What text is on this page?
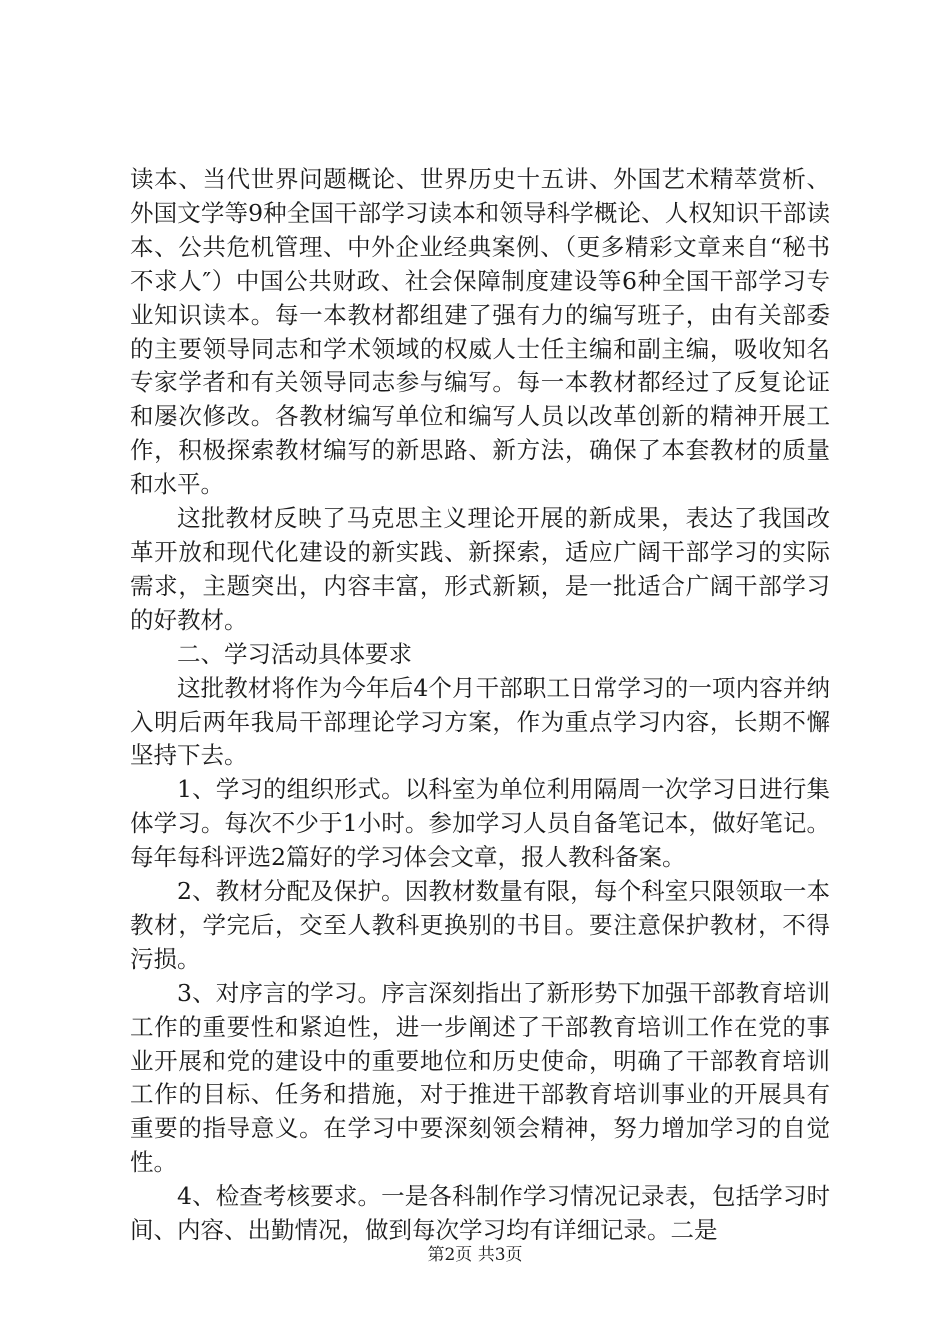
读本、当代世界问题概论、世界历史十五讲、外国艺术精萃赏析、外国文学等9种全国干部学习读本和领导科学概论、人权知识干部读本、公共危机管理、中外企业经典案例、（更多精彩文章来自“秘书不求人″）中国公共财政、社会保障制度建设等6种全国干部学习专业知识读本。每一本教材都组建了强有力的编写班子，由有关部委的主要领导同志和学术领域的权威人士任主编和副主编，吸收知名专家学者和有关领导同志参与编写。每一本教材都经过了反复论证和屡次修改。各教材编写单位和编写人员以改革创新的精神开展工作，积极探索教材编写的新思路、新方法，确保了本套教材的质量和水平。

这批教材反映了马克思主义理论开展的新成果，表达了我国改革开放和现代化建设的新实践、新探索，适应广阔干部学习的实际需求，主题突出，内容丰富，形式新颖，是一批适合广阔干部学习的好教材。

二、学习活动具体要求

这批教材将作为今年后4个月干部职工日常学习的一项内容并纳入明后两年我局干部理论学习方案，作为重点学习内容，长期不懈坚持下去。

1、学习的组织形式。以科室为单位利用隔周一次学习日进行集体学习。每次不少于1小时。参加学习人员自备笔记本，做好笔记。每年每科评选2篇好的学习体会文章，报人教科备案。

2、教材分配及保护。因教材数量有限，每个科室只限领取一本教材，学完后，交至人教科更换别的书目。要注意保护教材，不得污损。

3、对序言的学习。序言深刻指出了新形势下加强干部教育培训工作的重要性和紧迫性，进一步阐述了干部教育培训工作在党的事业开展和党的建设中的重要地位和历史使命，明确了干部教育培训工作的目标、任务和措施，对于推进干部教育培训事业的开展具有重要的指导意义。在学习中要深刻领会精神，努力增加学习的自觉性。

4、检查考核要求。一是各科制作学习情况记录表，包括学习时间、内容、出勤情况，做到每次学习均有详细记录。二是

第2页 共3页
